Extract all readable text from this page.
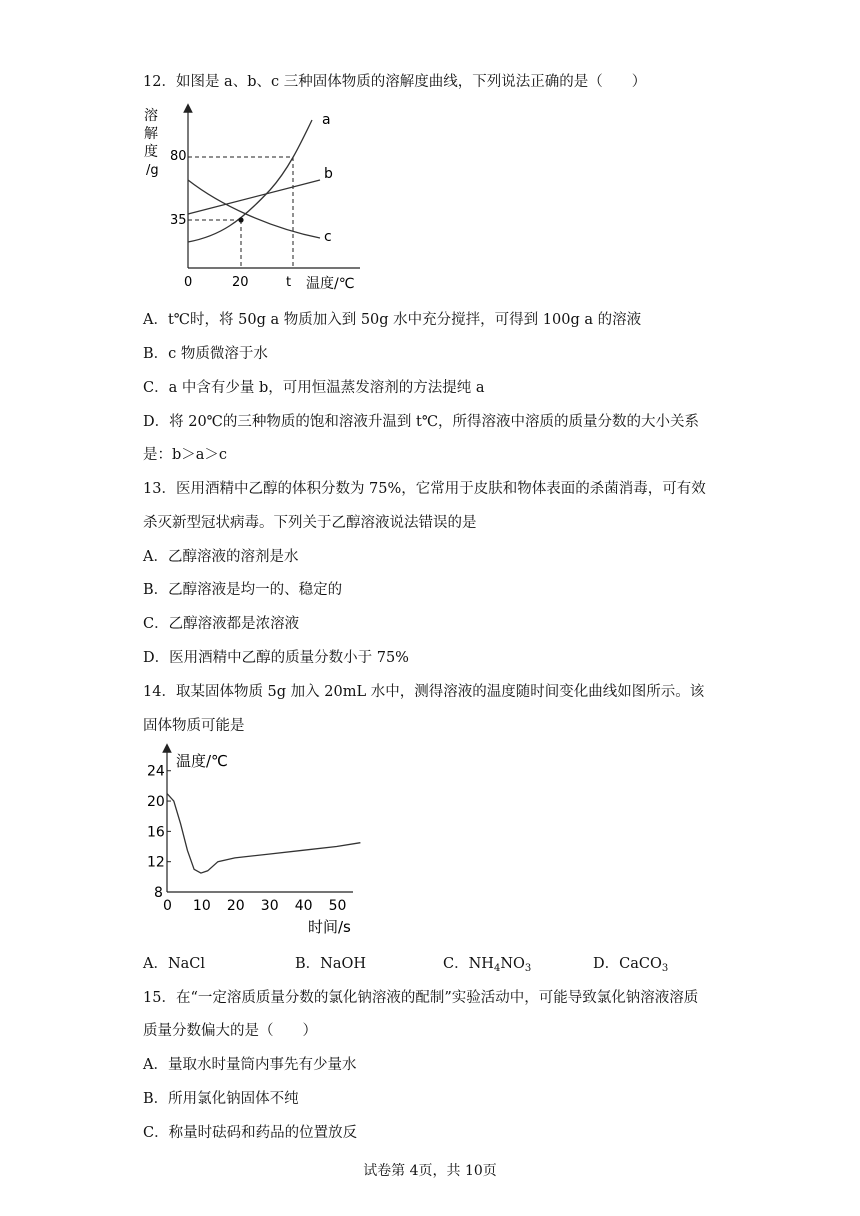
12．如图是 a、b、c 三种固体物质的溶解度曲线，下列说法正确的是（　　）
溶
解
度
/g
80
35
0	20	t 温度/℃
a
b
c
A．t℃时，将 50g a 物质加入到 50g 水中充分搅拌，可得到 100g a 的溶液
B．c 物质微溶于水
C．a 中含有少量 b，可用恒温蒸发溶剂的方法提纯 a
D．将 20℃的三种物质的饱和溶液升温到 t℃，所得溶液中溶质的质量分数的大小关系
是：b＞a＞c
13．医用酒精中乙醇的体积分数为 75%，它常用于皮肤和物体表面的杀菌消毒，可有效
杀灭新型冠状病毒。下列关于乙醇溶液说法错误的是
A．乙醇溶液的溶剂是水
B．乙醇溶液是均一的、稳定的
C．乙醇溶液都是浓溶液
D．医用酒精中乙醇的质量分数小于 75%
14．取某固体物质 5g 加入 20mL 水中，测得溶液的温度随时间变化曲线如图所示。该
固体物质可能是
温度/℃
时间/s
0 10 20 30 40 50
24
20
16
12
8
A．NaCl	B．NaOH	C．$NH_4NO_3$	D．CaCO$_3$
15．在“一定溶质质量分数的氯化钠溶液的配制”实验活动中，可能导致氯化钠溶液溶质
质量分数偏大的是（　　）
A．量取水时量筒内事先有少量水
B．所用氯化钠固体不纯
C．称量时砝码和药品的位置放反
试卷第 4页，共 10页
